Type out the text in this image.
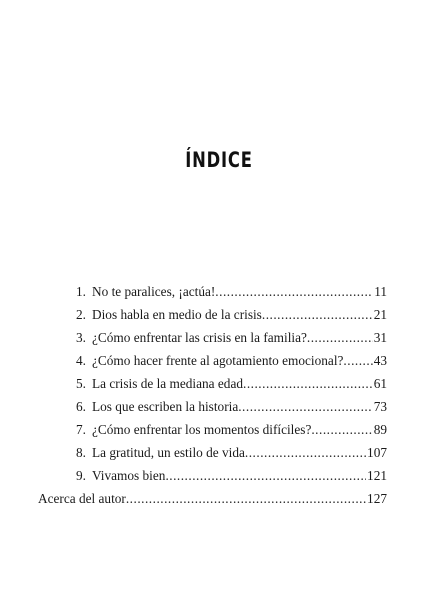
ÍNDICE
1. No te paralices, ¡actúa! .....	11
2. Dios habla en medio de la crisis .....	21
3. ¿Cómo enfrentar las crisis en la familia? .....	31
4. ¿Cómo hacer frente al agotamiento emocional? ..... 43
5. La crisis de la mediana edad .....	61
6. Los que escriben la historia .....	73
7. ¿Cómo enfrentar los momentos difíciles? .....	89
8. La gratitud, un estilo de vida .....	107
9. Vivamos bien .....	121
Acerca del autor .....	127
